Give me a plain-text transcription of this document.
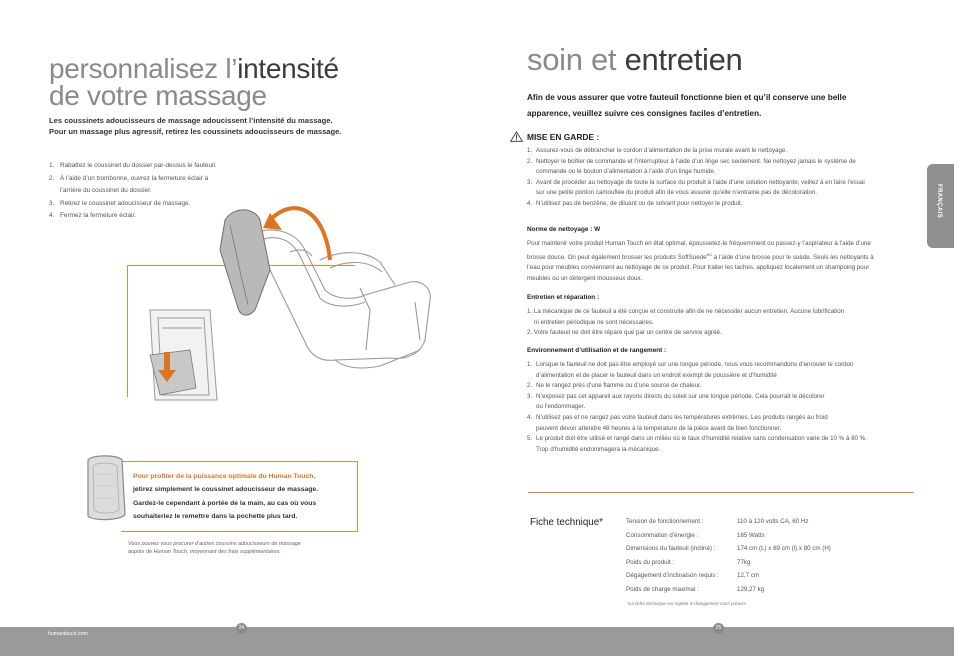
personnalisez l’intensité
de votre massage
Les coussinets adoucisseurs de massage adoucissent l’intensité du massage.
Pour un massage plus agressif, retirez les coussinets adoucisseurs de massage.
1. Rabattez le coussinet du dossier par-dessus le fauteuil.
2. À l’aide d’un trombonne, ouvrez la fermeture éclair à
l’arrière du coussinet du dossier.
3. Retirez le coussinet adoucisseur de massage.
4. Fermez la fermeture éclair.
Pour profiter de la puissance optimale du Human Touch,
jetirez simplement le coussinet adoucisseur de massage.
Gardez-le cependant à portée de la main, au cas où vous
souhaiteriez le remettre dans la pochette plus tard.
Vous pouvez vous procurer d’autres coussins adoucisseurs de massage
auprès de Human Touch, moyennant des frais supplémentaires.
soin et entretien
Afin de vous assurer que votre fauteuil fonctionne bien et qu’il conserve une belle
apparence, veuillez suivre ces consignes faciles d’entretien.
MISE EN GARDE :
1. Assurez-vous de débrancher le cordon d’alimentation de la prise murale avant le nettoyage.
2. Nettoyer le boîtier de commande et l’interrupteur à l’aide d’un linge sec seulement. Ne nettoyez jamais le système de
commande ou le bouton d’alimentation à l’aide d’un linge humide.
3. Avant de procéder au nettoyage de toute la surface du produit à l’aide d’une solution nettoyante, veillez à en faire l’essai
sur une petite portion camouflée du produit afin de vous assurer qu’elle n’entraine pas de décoloration.
4. N’utilisez pas de benzène, de diluant ou de solvant pour nettoyer le produit.
Norme de nettoyage : W
Pour maintenir votre produit Human Touch en état optimal, époussetez-le fréquemment ou passez-y l’aspirateur à l’aide d’une
brosse douce. On peut également brosser les produits SoftSuede$^{MC}$ à l’aide d’une brosse pour le suède. Seuls les nettoyants à
l’eau pour meubles conviennent au nettoyage de ce produit. Pour traiter les taches, appliquez localement un shampoing pour
meubles ou un détergent mousseux doux.
Entretien et réparation :
1. La mécanique de ce fauteuil a été conçue et construite afin de ne nécessiter aucun entretien. Aucune lubrification
ni entretien périodique ne sont nécessaires.
2. Votre fauteuil ne doit être réparé que par un centre de service agréé.
Environnement d’utilisation et de rangement :
1. Lorsque le fauteuil ne doit pas être employé sur une longue période, nous vous recommandons d’enrouler le cordon
d’alimentation et de placer le fauteuil dans un endroit exempt de poussière et d’humidité
2. Ne le rangez près d’une flamme ou d’une source de chaleur.
3. N’exposez pas cet appareil aux rayons directs du soleil sur une longue période. Cela pourrait le décolorer
ou l’endommager.
4. N’utilisez pas et ne rangez pas votre fauteuil dans les températures extrêmes. Les produits rangés au froid
peuvent devoir attendre 48 heures à la température de la pièce avant de bien fonctionner.
5. Le produit doit être utilisé et rangé dans un milieu où le taux d’humidité relative sans condensation varie de 10 % à 80 %.
Trop d’humidité endommagera la mécanique.
Fiche technique*	Tension de fonctionnement :	110 à 120 volts CA, 60 Hz
Consommation d’énergie :	165 Watts
Dimensions du fauteuil (incliné) :	174 cm (L) x 69 cm (l) x 80 cm (H)
Poids du produit :	77kg
Dégagement d’inclinaison requis :	12,7 cm
Poids de charge maximal :	129,27 kg
*La fiche technique est sujette à changement sans préavis.
FRANÇAIS
humantouch.com
24	25
